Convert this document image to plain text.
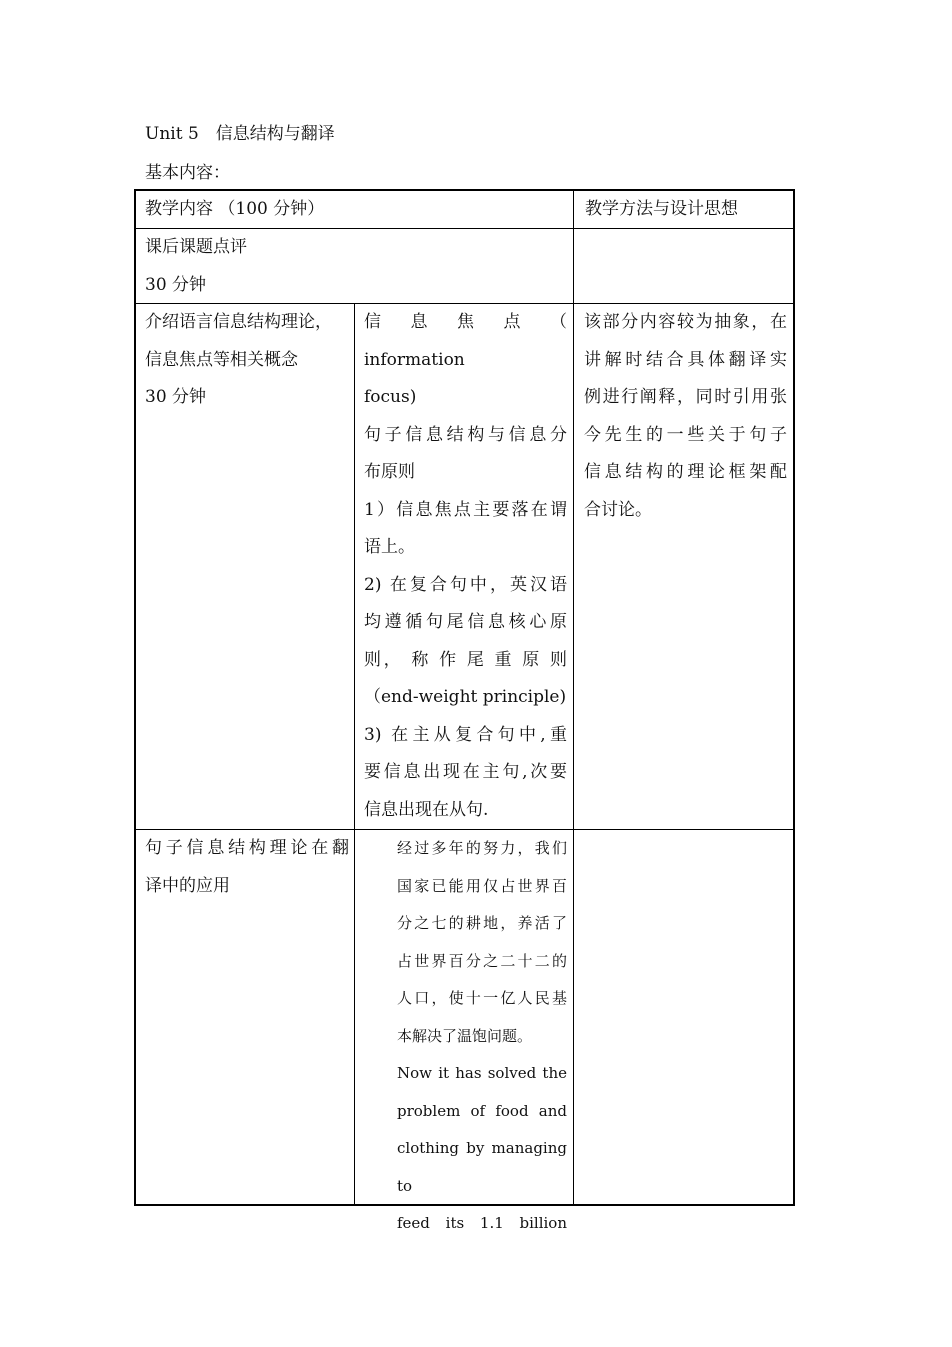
Unit 5　信息结构与翻译
基本内容：

教学内容 （100 分钟）	教学方法与设计思想

课后课题点评

30 分钟

介绍语言信息结构理论，

信息焦点等相关概念

30 分钟

信 息 焦 点 （ information

focus)

句子信息结构与信息分

布原则

1）信息焦点主要落在谓

语上。

2) 在复合句中，英汉语

均遵循句尾信息核心原

则， 称 作 尾 重 原 则

（end-weight principle)

3) 在主从复合句中,重

要信息出现在主句,次要

信息出现在从句.

该部分内容较为抽象，在

讲解时结合具体翻译实

例进行阐释，同时引用张

今先生的一些关于句子

信息结构的理论框架配

合讨论。

句子信息结构理论在翻

译中的应用

经过多年的努力，我们

国家已能用仅占世界百

分之七的耕地，养活了

占世界百分之二十二的

人口，使十一亿人民基

本解决了温饱问题。

Now it has solved the

problem of food and

clothing by managing to

feed its 1.1 billion
